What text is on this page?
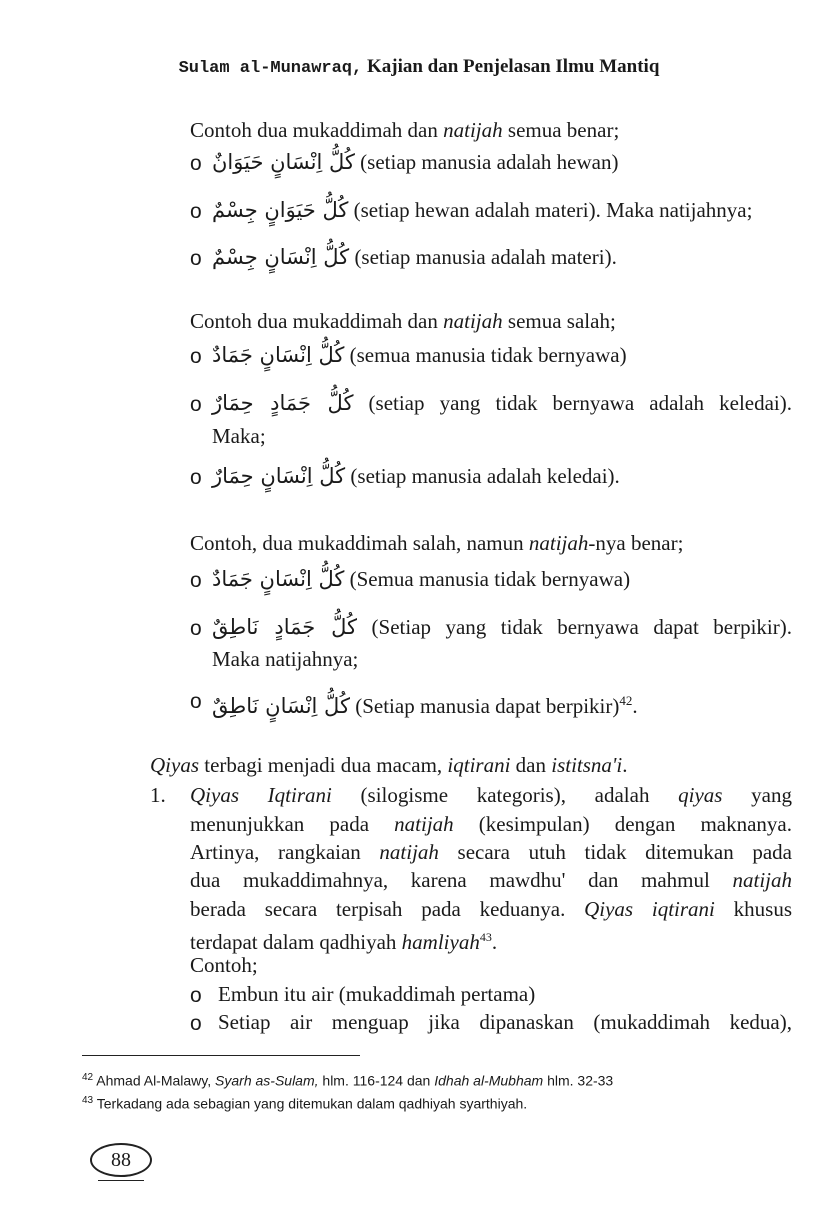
Sulam al-Munawraq, Kajian dan Penjelasan Ilmu Mantiq
Contoh dua mukaddimah dan natijah semua benar;
o كُلُّ اِنْسَانٍ حَيَوَانٌ (setiap manusia adalah hewan)
o كُلُّ حَيَوَانٍ جِسْمٌ (setiap hewan adalah materi). Maka natijahnya;
o كُلُّ اِنْسَانٍ جِسْمٌ (setiap manusia adalah materi).
Contoh dua mukaddimah dan natijah semua salah;
o كُلُّ اِنْسَانٍ جَمَادٌ (semua manusia tidak bernyawa)
o كُلُّ جَمَادٍ حِمَارٌ (setiap yang tidak bernyawa adalah keledai).
Maka;
o كُلُّ اِنْسَانٍ حِمَارٌ (setiap manusia adalah keledai).
Contoh, dua mukaddimah salah, namun natijah-nya benar;
o كُلُّ اِنْسَانٍ جَمَادٌ (Semua manusia tidak bernyawa)
o كُلُّ جَمَادٍ نَاطِقٌ (Setiap yang tidak bernyawa dapat berpikir).
Maka natijahnya;
o كُلُّ اِنْسَانٍ نَاطِقٌ (Setiap manusia dapat berpikir)$^{42}$.
Qiyas terbagi menjadi dua macam, iqtirani dan istitsna'i.
1. Qiyas Iqtirani (silogisme kategoris), adalah qiyas yang
menunjukkan pada natijah (kesimpulan) dengan maknanya.
Artinya, rangkaian natijah secara utuh tidak ditemukan pada
dua mukaddimahnya, karena mawdhu' dan mahmul natijah
berada secara terpisah pada keduanya. Qiyas iqtirani khusus
terdapat dalam qadhiyah hamliyah$^{43}$.
Contoh;
o Embun itu air (mukaddimah pertama)
o Setiap air menguap jika dipanaskan (mukaddimah kedua),
$^{42}$ Ahmad Al-Malawy, Syarh as-Sulam, hlm. 116-124 dan Idhah al-Mubham hlm. 32-33
$^{43}$ Terkadang ada sebagian yang ditemukan dalam qadhiyah syarthiyah.
88
